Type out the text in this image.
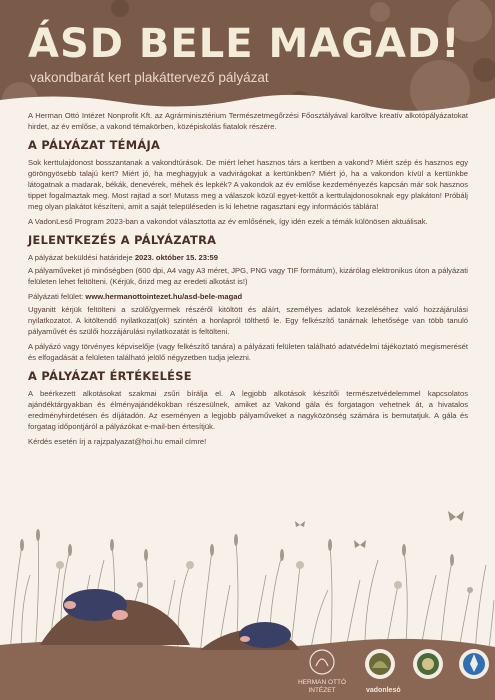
ÁSD BELE MAGAD!

vakondbarát kert plakáttervező pályázat

A Herman Ottó Intézet Nonprofit Kft. az Agrárminisztérium Természetmegőrzési Főosztályával karöltve kreatív alkotópályázatokat hirdet, az év emlőse, a vakond témakörben, középiskolás fiatalok részére.

A PÁLYÁZAT TÉMÁJA

Sok kerttulajdonost bosszantanak a vakondtúrások. De miért lehet hasznos társ a kertben a vakond? Miért szép és hasznos egy göröngyösebb talajú kert? Miért jó, ha meghagyjuk a vadvirágokat a kertünkben? Miért jó, ha a vakondon kívül a kertünkbe látogatnak a madarak, békák, denevérek, méhek és lepkék? A vakondok az év emlőse kezdeményezés kapcsán már sok hasznos tippet fogalmaztak meg. Most rajtad a sor! Mutass meg a válaszok közül egyet-kettőt a kerttulajdonosoknak egy plakáton! Próbálj meg olyan plakátot készíteni, amit a saját településeden is ki lehetne ragasztani egy információs táblára!

A VadonLeső Program 2023-ban a vakondot választotta az év emlősének, így idén ezek a témák különösen aktuálisak.

JELENTKEZÉS A PÁLYÁZATRA

A pályázat beküldési határideje 2023. október 15. 23:59

A pályaműveket jó minőségben (600 dpi, A4 vagy A3 méret, JPG, PNG vagy TIF formátum), kizárólag elektronikus úton a pályázati felületen lehet feltölteni. (Kérjük, őrizd meg az eredeti alkotást is!)

Pályázati felület: www.hermanottointezet.hu/asd-bele-magad

Ugyanitt kérjük feltölteni a szülő/gyermek részéről kitöltött és aláírt, személyes adatok kezeléséhez való hozzájárulási nyilatkozatot. A kitöltendő nyilatkozat(ok) szintén a honlapról tölthető le. Egy felkészítő tanárnak lehetősége van több tanuló pályaművét és szülői hozzájárulási nyilatkozatát is feltölteni.

A pályázó vagy törvényes képviselője (vagy felkészítő tanára) a pályázati felületen található adatvédelmi tájékoztató megismerését és elfogadását a felületen található jelölő négyzetben tudja jelezni.

A PÁLYÁZAT ÉRTÉKELÉSE

A beérkezett alkotásokat szakmai zsűri bírálja el. A legjobb alkotások készítői természetvédelemmel kapcsolatos ajándéktárgyakban és élményajándékokban részesülnek, amiket az Vakond gála és forgatagon vehetnek át, a hivatalos eredményhirdetésen és díjátadón. Az eseményen a legjobb pályaműveket a nagyközönség számára is bemutatjuk. A gála és forgatag időpontjáról a pályázókat e-mail-ben értesítjük.

Kérdés esetén írj a rajzpalyazat@hoi.hu email címre!

HERMAN OTTÓ
INTÉZET	vadonlesó
